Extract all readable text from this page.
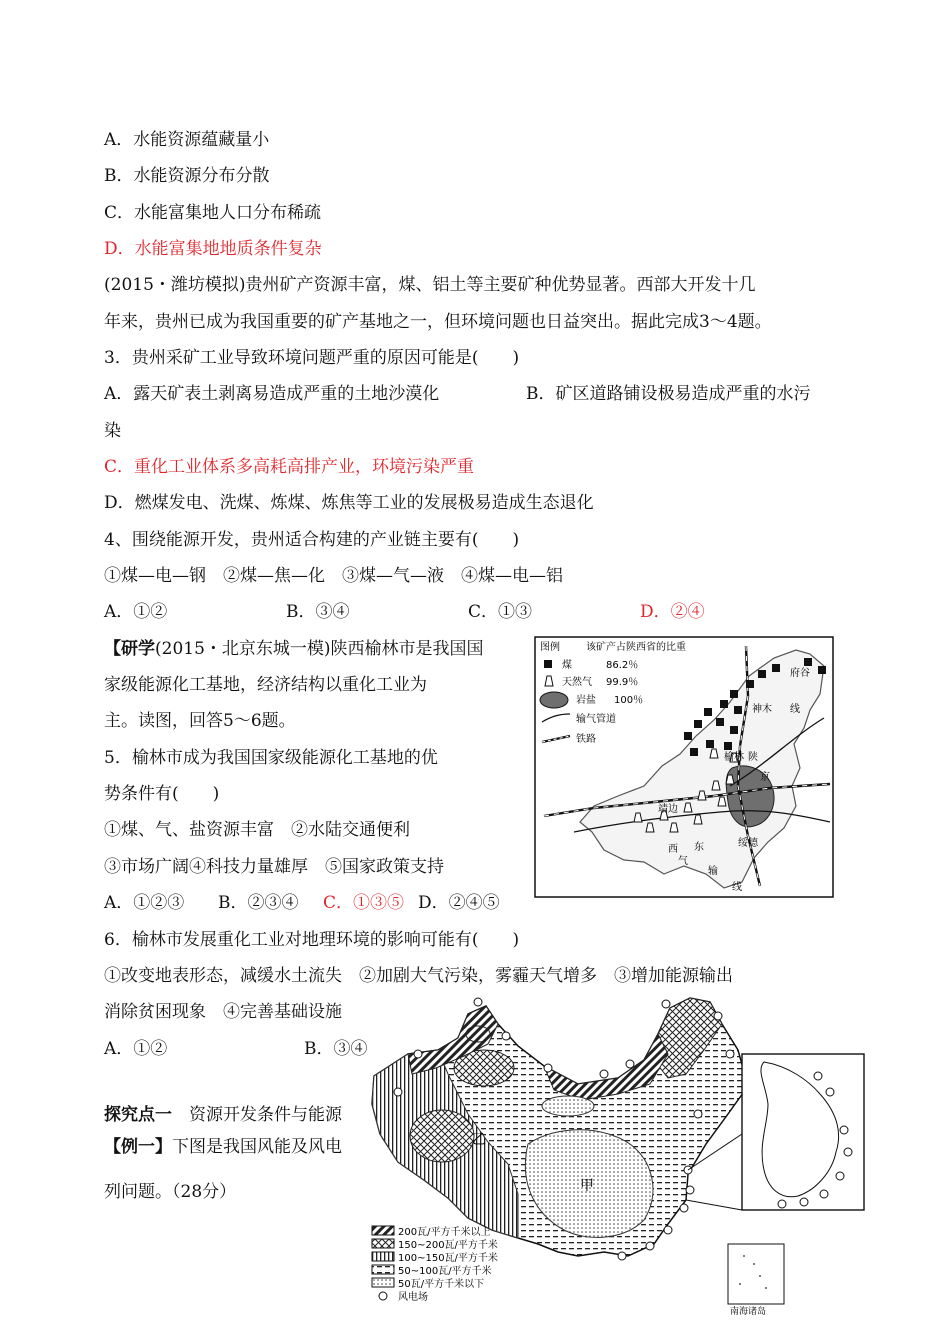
A．水能资源蕴藏量小
B．水能资源分布分散
C．水能富集地人口分布稀疏
D．水能富集地地质条件复杂
(2015・潍坊模拟)贵州矿产资源丰富，煤、铝土等主要矿种优势显著。西部大开发十几
年来，贵州已成为我国重要的矿产基地之一，但环境问题也日益突出。据此完成3～4题。
3．贵州采矿工业导致环境问题严重的原因可能是(　　)
A．露天矿表土剥离易造成严重的土地沙漠化	B．矿区道路铺设极易造成严重的水污
染
C．重化工业体系多高耗高排产业，环境污染严重
D．燃煤发电、洗煤、炼煤、炼焦等工业的发展极易造成生态退化
4、围绕能源开发，贵州适合构建的产业链主要有(　　)
①煤—电—钢　②煤—焦—化　③煤—气—液　④煤—电—铝
A．①②	B．③④	C．①③	D．②④
【研学(2015・北京东城一模)陕西榆林市是我国国
家级能源化工基地，经济结构以重化工业为
主。读图，回答5～6题。
5．榆林市成为我国国家级能源化工基地的优
势条件有(　　)
①煤、气、盐资源丰富　②水陆交通便利
③市场广阔④科技力量雄厚　⑤国家政策支持
A．①②③ B．②③④ C．①③⑤ D．②④⑤
6．榆林市发展重化工业对地理环境的影响可能有(　　)
①改变地表形态，减缓水土流失　②加剧大气污染，雾霾天气增多　③增加能源输出
消除贫困现象　④完善基础设施
A．①②	B．③④
探究点一　资源开发条件与能源
【例一】下图是我国风能及风电
列问题。（28分）
图例	该矿产占陕西省的比重
煤	86.2％
天然气 99.9％
岩盐 100％
输气管道
铁路
府谷
神木 线
榆林 陕
京
靖边
绥德
西
气
东
输
线
乙
甲
南海诸岛
200瓦/平方千米以上
150~200瓦/平方千米
100~150瓦/平方千米
50~100瓦/平方千米
50瓦/平方千米以下
风电场
